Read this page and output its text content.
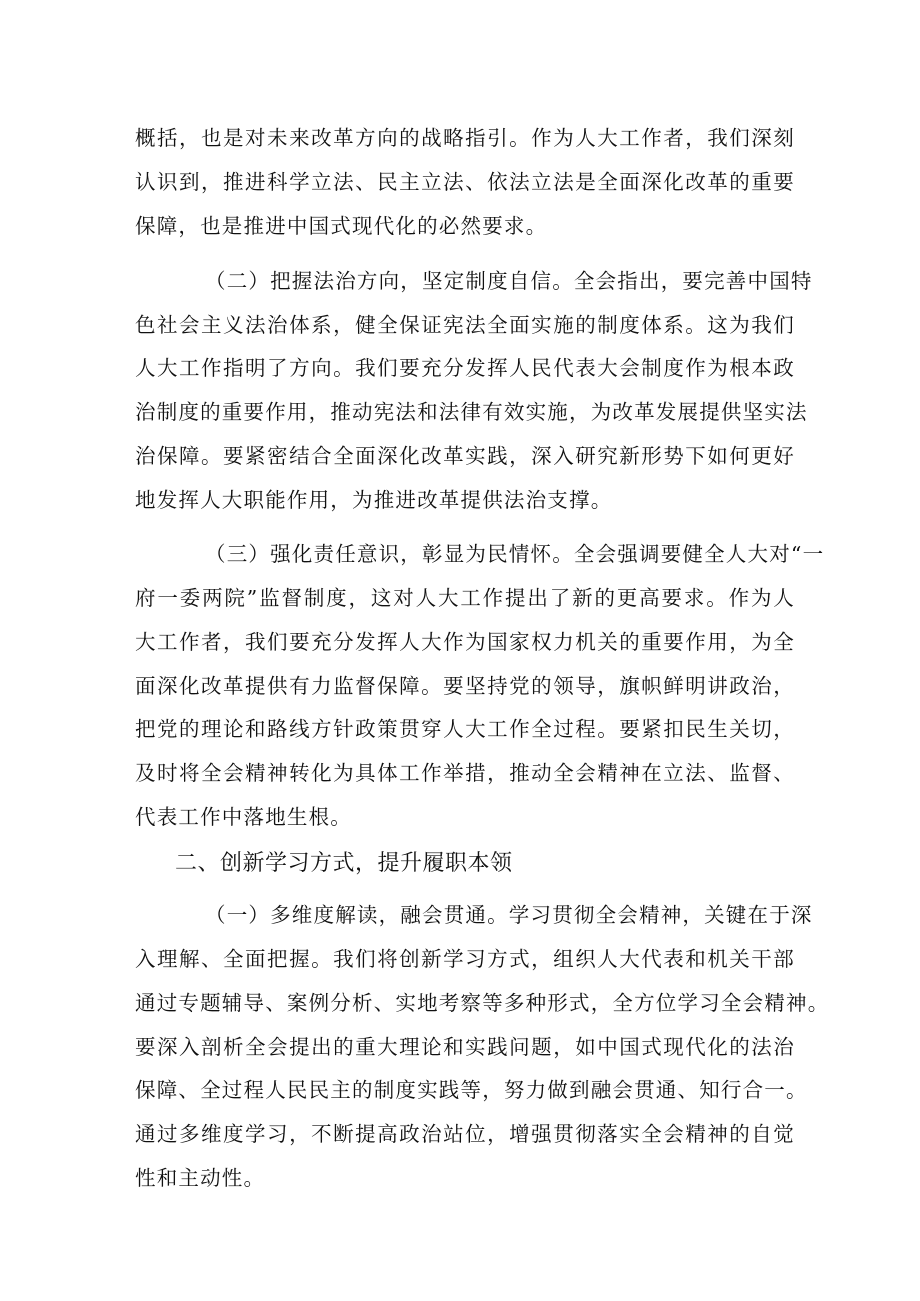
概括，也是对未来改革方向的战略指引。作为人大工作者，我们深刻
认识到，推进科学立法、民主立法、依法立法是全面深化改革的重要
保障，也是推进中国式现代化的必然要求。
（二）把握法治方向，坚定制度自信。全会指出，要完善中国特
色社会主义法治体系，健全保证宪法全面实施的制度体系。这为我们
人大工作指明了方向。我们要充分发挥人民代表大会制度作为根本政
治制度的重要作用，推动宪法和法律有效实施，为改革发展提供坚实法
治保障。要紧密结合全面深化改革实践，深入研究新形势下如何更好
地发挥人大职能作用，为推进改革提供法治支撑。
（三）强化责任意识，彰显为民情怀。全会强调要健全人大对“一
府一委两院”监督制度，这对人大工作提出了新的更高要求。作为人
大工作者，我们要充分发挥人大作为国家权力机关的重要作用，为全
面深化改革提供有力监督保障。要坚持党的领导，旗帜鲜明讲政治，
把党的理论和路线方针政策贯穿人大工作全过程。要紧扣民生关切，
及时将全会精神转化为具体工作举措，推动全会精神在立法、监督、
代表工作中落地生根。
二、创新学习方式，提升履职本领
（一）多维度解读，融会贯通。学习贯彻全会精神，关键在于深
入理解、全面把握。我们将创新学习方式，组织人大代表和机关干部
通过专题辅导、案例分析、实地考察等多种形式，全方位学习全会精神。
要深入剖析全会提出的重大理论和实践问题，如中国式现代化的法治
保障、全过程人民民主的制度实践等，努力做到融会贯通、知行合一。
通过多维度学习，不断提高政治站位，增强贯彻落实全会精神的自觉
性和主动性。
